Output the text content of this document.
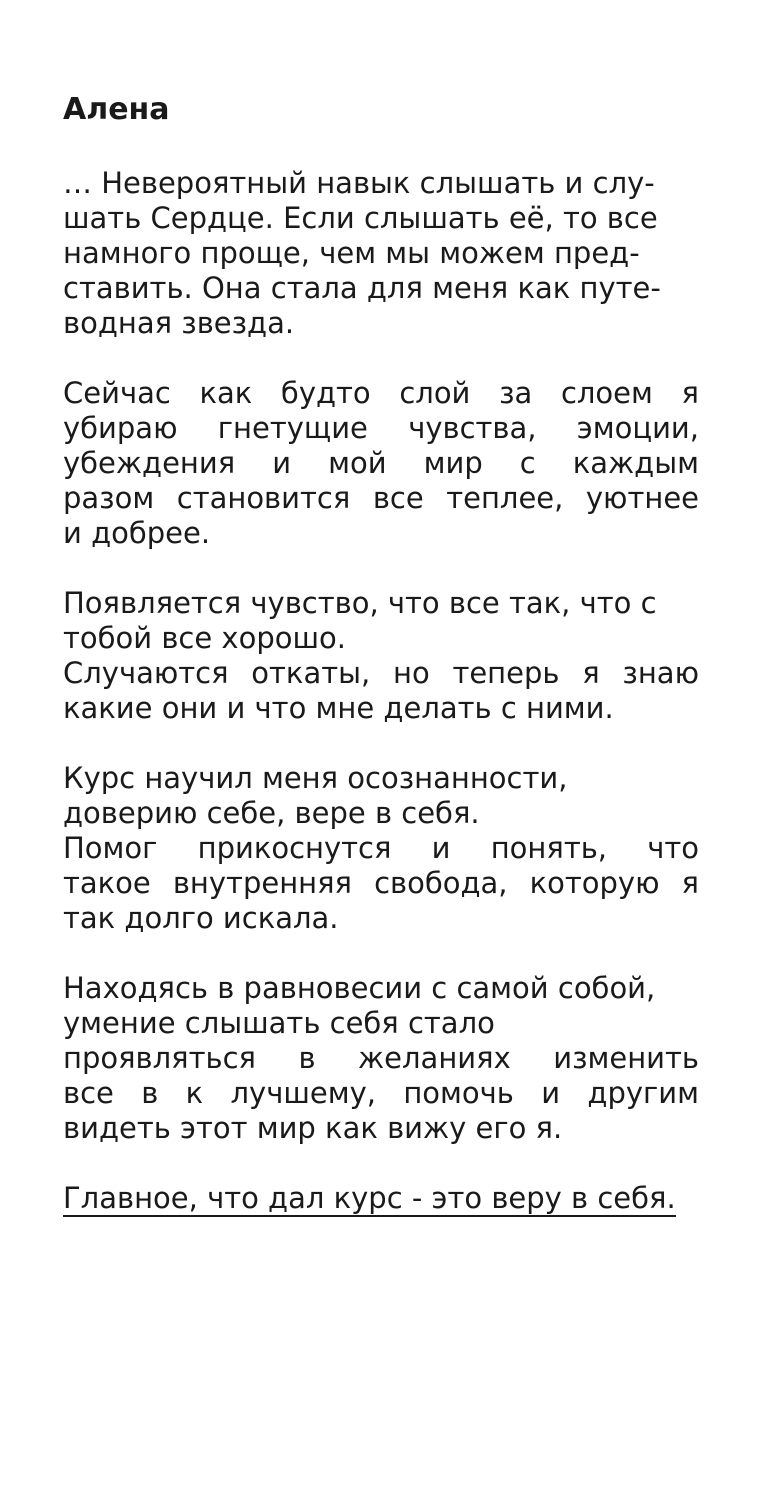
Алена
… Невероятный навык слышать и слу-
шать Сердце. Если слышать её, то все
намного проще, чем мы можем пред-
ставить. Она стала для меня как путе-
водная звезда.
Сейчас как будто слой за слоем я
убираю гнетущие чувства, эмоции,
убеждения и мой мир с каждым
разом становится все теплее, уютнее
и добрее.
Появляется чувство, что все так, что с
тобой все хорошо.
Случаются откаты, но теперь я знаю
какие они и что мне делать с ними.
Курс научил меня осознанности,
доверию себе, вере в себя.
Помог прикоснутся и понять, что
такое внутренняя свобода, которую я
так долго искала.
Находясь в равновесии с самой собой,
умение слышать себя стало
проявляться в желаниях изменить
все в к лучшему, помочь и другим
видеть этот мир как вижу его я.
Главное, что дал курс - это веру в себя.
